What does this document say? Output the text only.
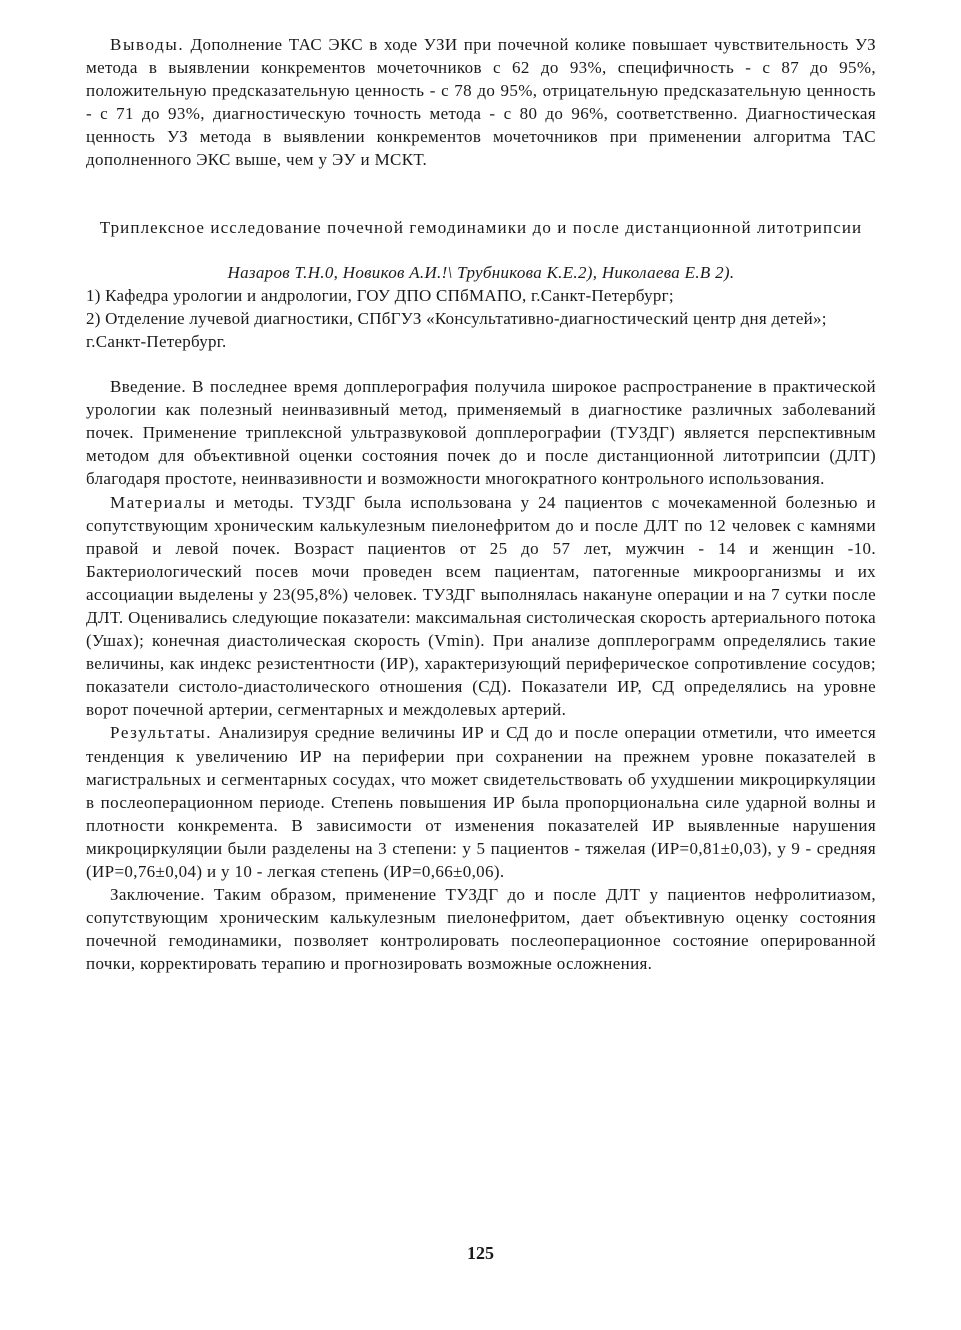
Выводы. Дополнение ТАС ЭКС в ходе УЗИ при почечной колике повышает чувствительность УЗ метода в выявлении конкрементов мочеточников с 62 до 93%, специфичность - с 87 до 95%, положительную предсказательную ценность - с 78 до 95%, отрицательную предсказательную ценность - с 71 до 93%, диагностическую точность метода - с 80 до 96%, соответственно. Диагностическая ценность УЗ метода в выявлении конкрементов мочеточников при применении алгоритма ТАС дополненного ЭКС выше, чем у ЭУ и МСКТ.

Триплексное исследование почечной гемодинамики до и после дистанционной литотрипсии

Назаров Т.Н.0, Новиков А.И.!\ Трубникова К.Е.2), Николаева Е.В 2).

1) Кафедра урологии и андрологии, ГОУ ДПО СПбМАПО, г.Санкт-Петербург;

2) Отделение лучевой диагностики, СПбГУЗ «Консультативно-диагностический центр дня детей»; г.Санкт-Петербург.

Введение. В последнее время допплерография получила широкое распространение в практической урологии как полезный неинвазивный метод, применяемый в диагностике различных заболеваний почек. Применение триплексной ультразвуковой допплерографии (ТУЗДГ) является перспективным методом для объективной оценки состояния почек до и после дистанционной литотрипсии (ДЛТ) благодаря простоте, неинвазивности и возможности многократного контрольного использования.

Материалы и методы. ТУЗДГ была использована у 24 пациентов с мочекаменной болезнью и сопутствующим хроническим калькулезным пиелонефритом до и после ДЛТ по 12 человек с камнями правой и левой почек. Возраст пациентов от 25 до 57 лет, мужчин - 14 и женщин -10. Бактериологический посев мочи проведен всем пациентам, патогенные микроорганизмы и их ассоциации выделены у 23(95,8%) человек. ТУЗДГ выполнялась накануне операции и на 7 сутки после ДЛТ. Оценивались следующие показатели: максимальная систолическая скорость артериального потока (Ушах); конечная диастолическая скорость (Vmin). При анализе допплерограмм определялись такие величины, как индекс резистентности (ИР), характеризующий периферическое сопротивление сосудов; показатели систоло-диастолического отношения (СД). Показатели ИР, СД определялись на уровне ворот почечной артерии, сегментарных и междолевых артерий.

Результаты. Анализируя средние величины ИР и СД до и после операции отметили, что имеется тенденция к увеличению ИР на периферии при сохранении на прежнем уровне показателей в магистральных и сегментарных сосудах, что может свидетельствовать об ухудшении микроциркуляции в послеоперационном периоде. Степень повышения ИР была пропорциональна силе ударной волны и плотности конкремента. В зависимости от изменения показателей ИР выявленные нарушения микроциркуляции были разделены на 3 степени: у 5 пациентов - тяжелая (ИР=0,81±0,03), у 9 - средняя (ИР=0,76±0,04) и у 10 - легкая степень (ИР=0,66±0,06).

Заключение. Таким образом, применение ТУЗДГ до и после ДЛТ у пациентов нефролитиазом, сопутствующим хроническим калькулезным пиелонефритом, дает объективную оценку состояния почечной гемодинамики, позволяет контролировать послеоперационное состояние оперированной почки, корректировать терапию и прогнозировать возможные осложнения.

125
